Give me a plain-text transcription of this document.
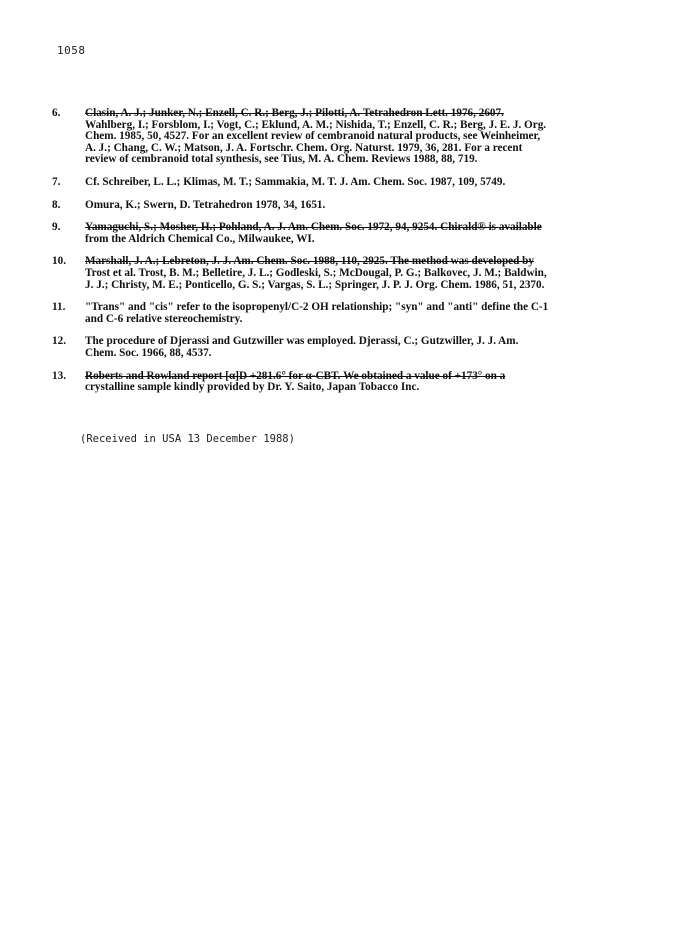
1058
6.	Clasin, A. J.; Junker, N.; Enzell, C. R.; Berg, J.; Pilotti, A. Tetrahedron Lett. 1976, 2607.
Wahlberg, I.; Forsblom, I.; Vogt, C.; Eklund, A. M.; Nishida, T.; Enzell, C. R.; Berg, J. E. J. Org.
Chem. 1985, 50, 4527. For an excellent review of cembranoid natural products, see Weinheimer,
A. J.; Chang, C. W.; Matson, J. A. Fortschr. Chem. Org. Naturst. 1979, 36, 281. For a recent
review of cembranoid total synthesis, see Tius, M. A. Chem. Reviews 1988, 88, 719.
7.	Cf. Schreiber, L. L.; Klimas, M. T.; Sammakia, M. T. J. Am. Chem. Soc. 1987, 109, 5749.
8.	Omura, K.; Swern, D. Tetrahedron 1978, 34, 1651.
9.	Yamaguchi, S.; Mosher, H.; Pohland, A. J. Am. Chem. Soc. 1972, 94, 9254. Chirald® is available
from the Aldrich Chemical Co., Milwaukee, WI.
10.	Marshall, J. A.; Lebreton, J. J. Am. Chem. Soc. 1988, 110, 2925. The method was developed by
Trost et al. Trost, B. M.; Belletire, J. L.; Godleski, S.; McDougal, P. G.; Balkovec, J. M.; Baldwin,
J. J.; Christy, M. E.; Ponticello, G. S.; Vargas, S. L.; Springer, J. P. J. Org. Chem. 1986, 51, 2370.
11.	"Trans" and "cis" refer to the isopropenyl/C-2 OH relationship; "syn" and "anti" define the C-1
and C-6 relative stereochemistry.
12.	The procedure of Djerassi and Gutzwiller was employed. Djerassi, C.; Gutzwiller, J. J. Am.
Chem. Soc. 1966, 88, 4537.
13.	Roberts and Rowland report [α]D +281.6° for α-CBT. We obtained a value of +173° on a
crystalline sample kindly provided by Dr. Y. Saito, Japan Tobacco Inc.
(Received in USA 13 December 1988)
